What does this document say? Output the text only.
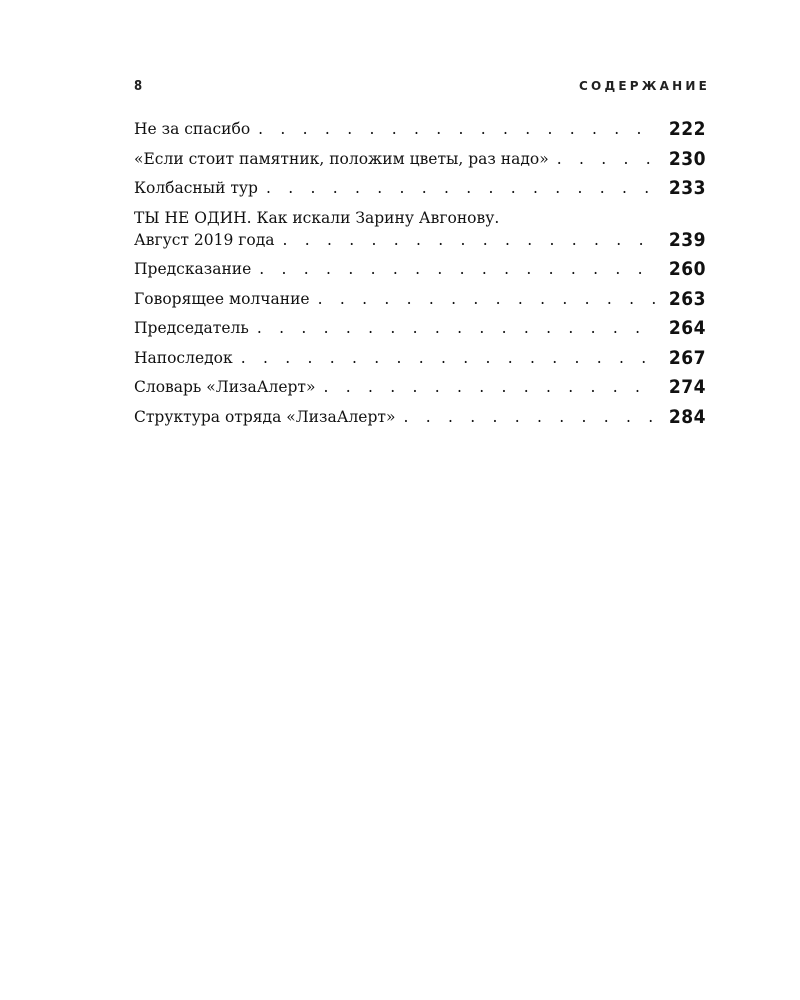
8	СОДЕРЖАНИЕ
Не за спасибо . . .	222
«Если стоит памятник, положим цветы, раз надо» . . .	230
Колбасный тур . . .	233
ТЫ НЕ ОДИН. Как искали Зарину Авгонову.
Август 2019 года . . .	239
Предсказание . . .	260
Говорящее молчание . . .	263
Председатель . . .	264
Напоследок . . .	267
Словарь «ЛизаАлерт» . . .	274
Структура отряда «ЛизаАлерт» . . .	284
